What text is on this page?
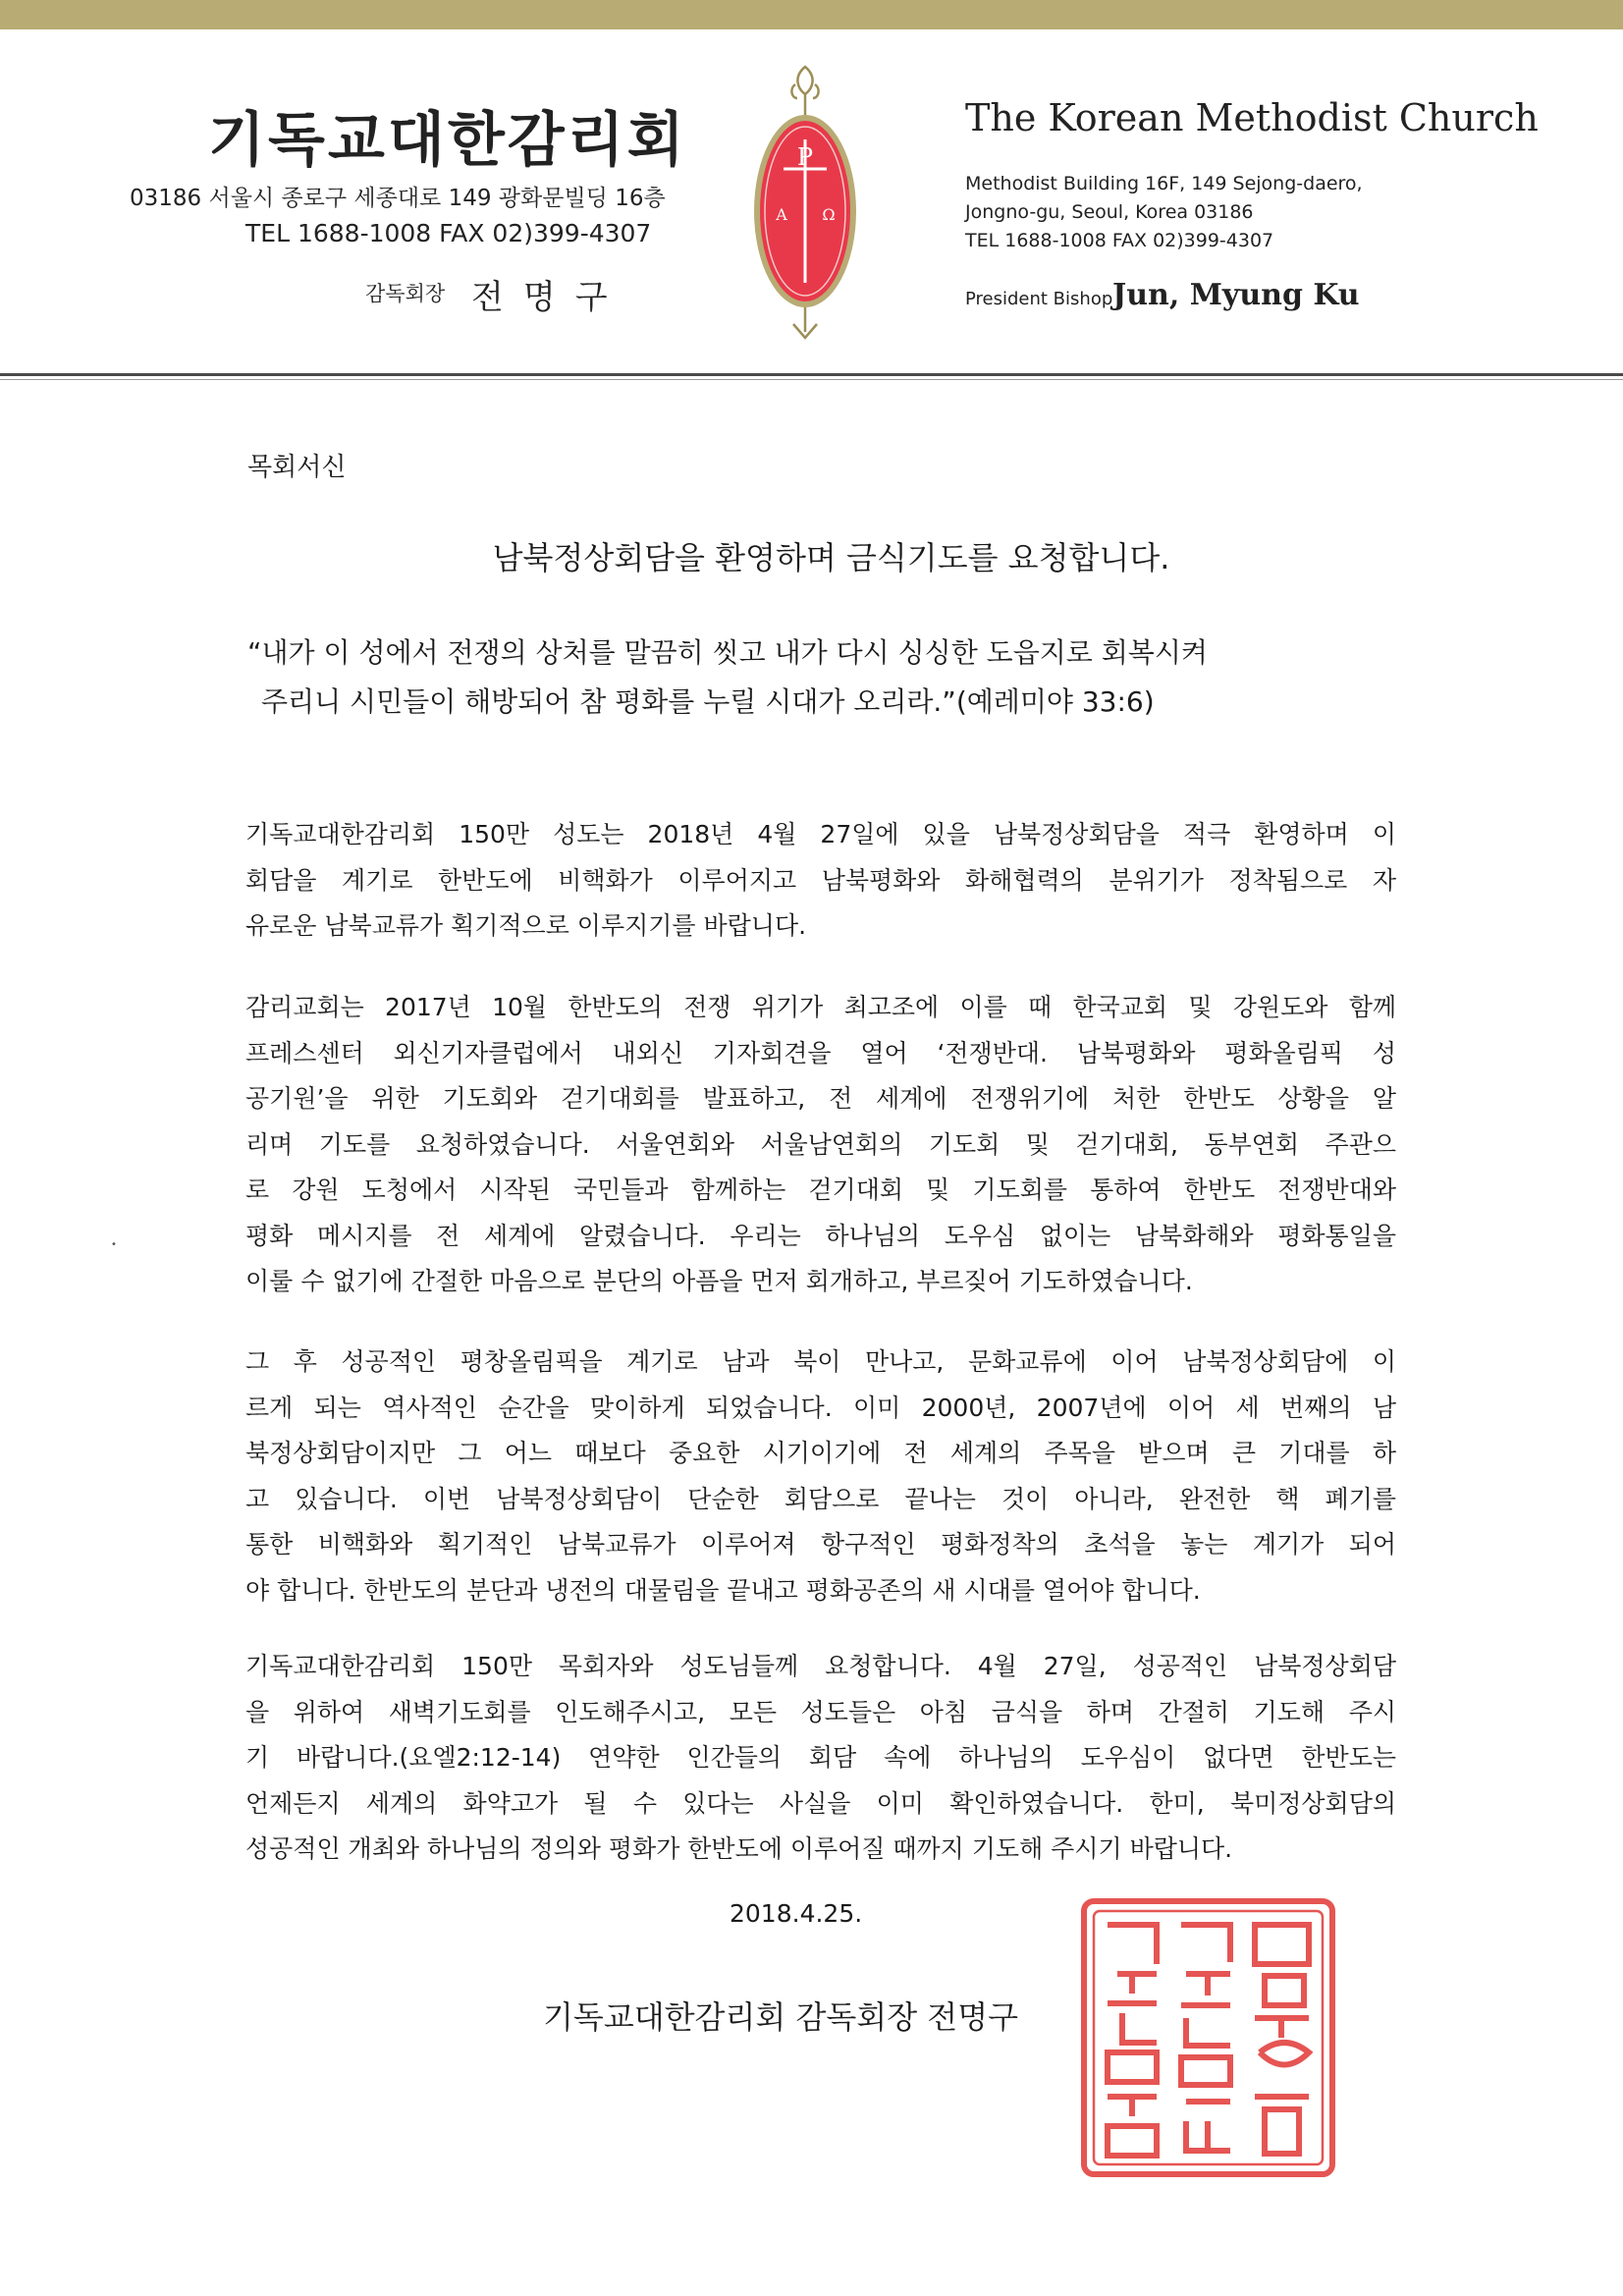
기독교대한감리회
03186 서울시 종로구 세종대로 149 광화문빌딩 16층
TEL 1688-1008 FAX 02)399-4307
감독회장 전명구
Ρ
Α Ω
The Korean Methodist Church
Methodist Building 16F, 149 Sejong-daero,
Jongno-gu, Seoul, Korea 03186
TEL 1688-1008 FAX 02)399-4307
President Bishop Jun, Myung Ku
목회서신
남북정상회담을 환영하며 금식기도를 요청합니다.
“내가 이 성에서 전쟁의 상처를 말끔히 씻고 내가 다시 싱싱한 도읍지로 회복시켜
주리니 시민들이 해방되어 참 평화를 누릴 시대가 오리라.”(예레미야 33:6)
기독교대한감리회 150만 성도는 2018년 4월 27일에 있을 남북정상회담을 적극 환영하며 이
회담을 계기로 한반도에 비핵화가 이루어지고 남북평화와 화해협력의 분위기가 정착됨으로 자
유로운 남북교류가 획기적으로 이루지기를 바랍니다.
감리교회는 2017년 10월 한반도의 전쟁 위기가 최고조에 이를 때 한국교회 및 강원도와 함께
프레스센터 외신기자클럽에서 내외신 기자회견을 열어 ‘전쟁반대. 남북평화와 평화올림픽 성
공기원’을 위한 기도회와 걷기대회를 발표하고, 전 세계에 전쟁위기에 처한 한반도 상황을 알
리며 기도를 요청하였습니다. 서울연회와 서울남연회의 기도회 및 걷기대회, 동부연회 주관으
로 강원 도청에서 시작된 국민들과 함께하는 걷기대회 및 기도회를 통하여 한반도 전쟁반대와
평화 메시지를 전 세계에 알렸습니다. 우리는 하나님의 도우심 없이는 남북화해와 평화통일을
이룰 수 없기에 간절한 마음으로 분단의 아픔을 먼저 회개하고, 부르짖어 기도하였습니다.
그 후 성공적인 평창올림픽을 계기로 남과 북이 만나고, 문화교류에 이어 남북정상회담에 이
르게 되는 역사적인 순간을 맞이하게 되었습니다. 이미 2000년, 2007년에 이어 세 번째의 남
북정상회담이지만 그 어느 때보다 중요한 시기이기에 전 세계의 주목을 받으며 큰 기대를 하
고 있습니다. 이번 남북정상회담이 단순한 회담으로 끝나는 것이 아니라, 완전한 핵 폐기를
통한 비핵화와 획기적인 남북교류가 이루어져 항구적인 평화정착의 초석을 놓는 계기가 되어
야 합니다. 한반도의 분단과 냉전의 대물림을 끝내고 평화공존의 새 시대를 열어야 합니다.
기독교대한감리회 150만 목회자와 성도님들께 요청합니다. 4월 27일, 성공적인 남북정상회담
을 위하여 새벽기도회를 인도해주시고, 모든 성도들은 아침 금식을 하며 간절히 기도해 주시
기 바랍니다.(요엘2:12-14) 연약한 인간들의 회담 속에 하나님의 도우심이 없다면 한반도는
언제든지 세계의 화약고가 될 수 있다는 사실을 이미 확인하였습니다. 한미, 북미정상회담의
성공적인 개최와 하나님의 정의와 평화가 한반도에 이루어질 때까지 기도해 주시기 바랍니다.
•
2018.4.25.
기독교대한감리회 감독회장 전명구
